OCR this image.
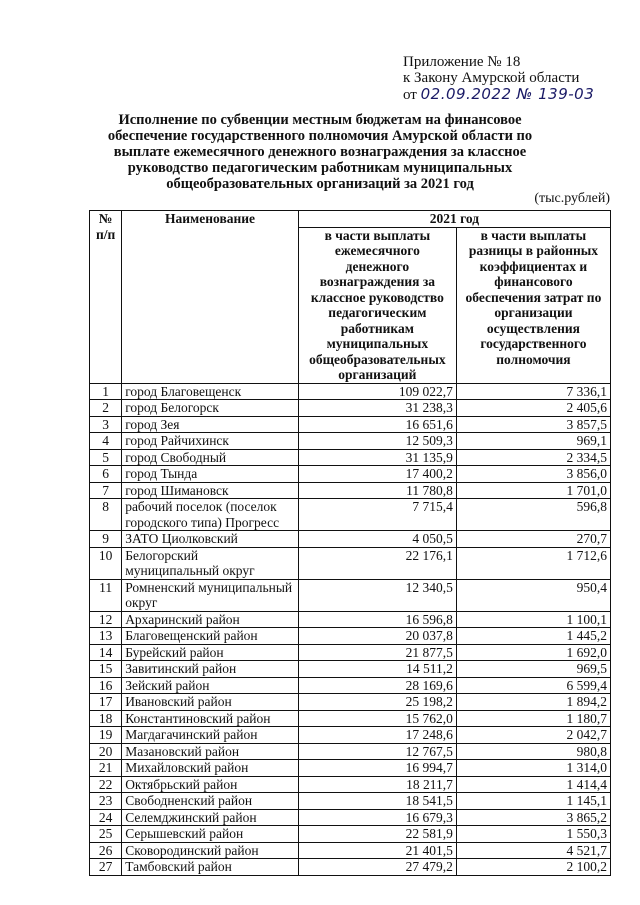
Приложение № 18
к Закону Амурской области
от 02.09.2022 № 139-03
Исполнение по субвенции местным бюджетам на финансовое обеспечение государственного полномочия Амурской области по выплате ежемесячного денежного вознаграждения за классное руководство педагогическим работникам муниципальных общеобразовательных организаций за 2021 год
(тыс.рублей)
№ п/п	Наименование	2021 год	
		в части выплаты ежемесячного денежного вознаграждения за классное руководство педагогическим работникам муниципальных общеобразовательных организаций	в части выплаты разницы в районных коэффициентах и финансового обеспечения затрат по организации осуществления государственного полномочия
1	город Благовещенск	109 022,7	7 336,1
2	город Белогорск	31 238,3	2 405,6
3	город Зея	16 651,6	3 857,5
4	город Райчихинск	12 509,3	969,1
5	город Свободный	31 135,9	2 334,5
6	город Тында	17 400,2	3 856,0
7	город Шимановск	11 780,8	1 701,0
8	рабочий поселок (поселок городского типа) Прогресс	7 715,4	596,8
9	ЗАТО Циолковский	4 050,5	270,7
10	Белогорский муниципальный округ	22 176,1	1 712,6
11	Ромненский муниципальный округ	12 340,5	950,4
12	Архаринский район	16 596,8	1 100,1
13	Благовещенский район	20 037,8	1 445,2
14	Бурейский район	21 877,5	1 692,0
15	Завитинский район	14 511,2	969,5
16	Зейский район	28 169,6	6 599,4
17	Ивановский район	25 198,2	1 894,2
18	Константиновский район	15 762,0	1 180,7
19	Магдагачинский район	17 248,6	2 042,7
20	Мазановский район	12 767,5	980,8
21	Михайловский район	16 994,7	1 314,0
22	Октябрьский район	18 211,7	1 414,4
23	Свободненский район	18 541,5	1 145,1
24	Селемджинский район	16 679,3	3 865,2
25	Серышевский район	22 581,9	1 550,3
26	Сковородинский район	21 401,5	4 521,7
27	Тамбовский район	27 479,2	2 100,2
